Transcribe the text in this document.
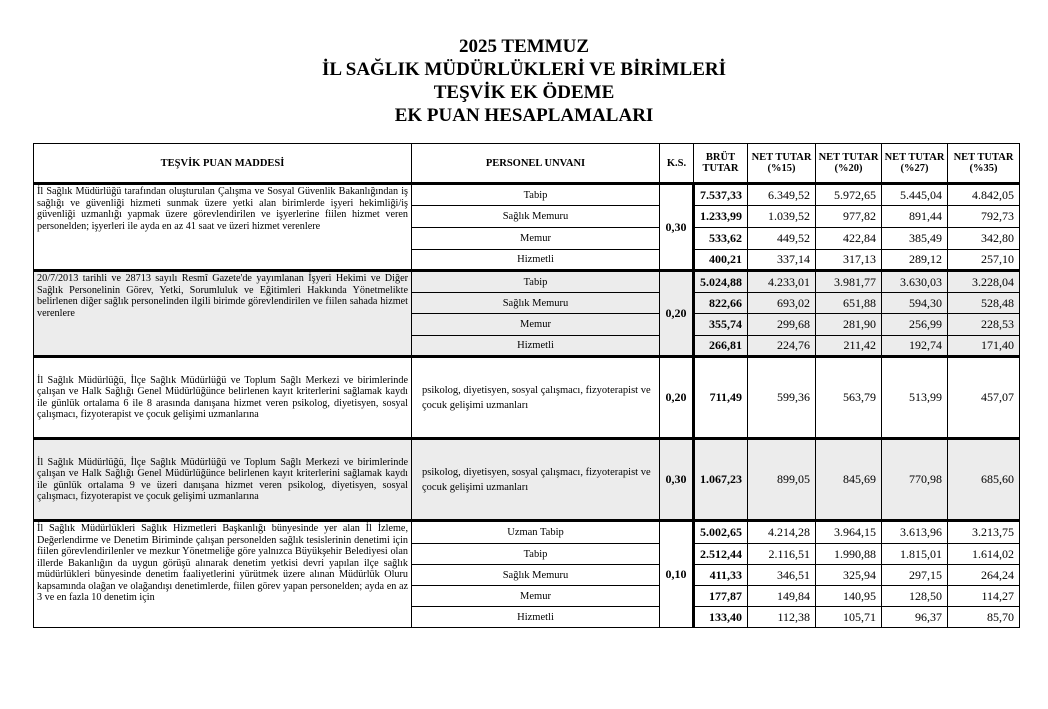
2025 TEMMUZ
İL SAĞLIK MÜDÜRLÜKLERİ VE BİRİMLERİ
TEŞVİK EK ÖDEME
EK PUAN HESAPLAMALARI
TEŞVİK PUAN MADDESİ	PERSONEL UNVANI	K.S.	BRÜT TUTAR	NET TUTAR (%15)	NET TUTAR (%20)	NET TUTAR (%27)	NET TUTAR (%35)
İl Sağlık Müdürlüğü tarafından oluşturulan Çalışma ve Sosyal Güvenlik Bakanlığından iş sağlığı ve güvenliği hizmeti sunmak üzere yetki alan birimlerde işyeri hekimliği/iş güvenliği uzmanlığı yapmak üzere görevlendirilen ve işyerlerine fiilen hizmet veren personelden; işyerleri ile ayda en az 41 saat ve üzeri hizmet verenlere	Tabip	0,30	7.537,33	6.349,52	5.972,65	5.445,04	4.842,05
	Sağlık Memuru		1.233,99	1.039,52	977,82	891,44	792,73
	Memur		533,62	449,52	422,84	385,49	342,80
	Hizmetli		400,21	337,14	317,13	289,12	257,10
20/7/2013 tarihli ve 28713 sayılı Resmî Gazete'de yayımlanan İşyeri Hekimi ve Diğer Sağlık Personelinin Görev, Yetki, Sorumluluk ve Eğitimleri Hakkında Yönetmelikte belirlenen diğer sağlık personelinden ilgili birimde görevlendirilen ve fiilen sahada hizmet verenlere	Tabip	0,20	5.024,88	4.233,01	3.981,77	3.630,03	3.228,04
	Sağlık Memuru		822,66	693,02	651,88	594,30	528,48
	Memur		355,74	299,68	281,90	256,99	228,53
	Hizmetli		266,81	224,76	211,42	192,74	171,40
İl Sağlık Müdürlüğü, İlçe Sağlık Müdürlüğü ve Toplum Sağlı Merkezi ve birimlerinde çalışan ve Halk Sağlığı Genel Müdürlüğünce belirlenen kayıt kriterlerini sağlamak kaydı ile günlük ortalama 6 ile 8 arasında danışana hizmet veren psikolog, diyetisyen, sosyal çalışmacı, fizyoterapist ve çocuk gelişimi uzmanlarına	psikolog, diyetisyen, sosyal çalışmacı, fizyoterapist ve çocuk gelişimi uzmanları	0,20	711,49	599,36	563,79	513,99	457,07
İl Sağlık Müdürlüğü, İlçe Sağlık Müdürlüğü ve Toplum Sağlı Merkezi ve birimlerinde çalışan ve Halk Sağlığı Genel Müdürlüğünce belirlenen kayıt kriterlerini sağlamak kaydı ile günlük ortalama 9 ve üzeri danışana hizmet veren psikolog, diyetisyen, sosyal çalışmacı, fizyoterapist ve çocuk gelişimi uzmanlarına	psikolog, diyetisyen, sosyal çalışmacı, fizyoterapist ve çocuk gelişimi uzmanları	0,30	1.067,23	899,05	845,69	770,98	685,60
İl Sağlık Müdürlükleri Sağlık Hizmetleri Başkanlığı bünyesinde yer alan İl İzleme, Değerlendirme ve Denetim Biriminde çalışan personelden sağlık tesislerinin denetimi için fiilen görevlendirilenler ve mezkur Yönetmeliğe göre yalnızca Büyükşehir Belediyesi olan illerde Bakanlığın da uygun görüşü alınarak denetim yetkisi devri yapılan ilçe sağlık müdürlükleri bünyesinde denetim faaliyetlerini yürütmek üzere alınan Müdürlük Oluru kapsamında olağan ve olağandışı denetimlerde, fiilen görev yapan personelden; ayda en az 3 ve en fazla 10 denetim için	Uzman Tabip	0,10	5.002,65	4.214,28	3.964,15	3.613,96	3.213,75
	Tabip		2.512,44	2.116,51	1.990,88	1.815,01	1.614,02
	Sağlık Memuru		411,33	346,51	325,94	297,15	264,24
	Memur		177,87	149,84	140,95	128,50	114,27
	Hizmetli		133,40	112,38	105,71	96,37	85,70
